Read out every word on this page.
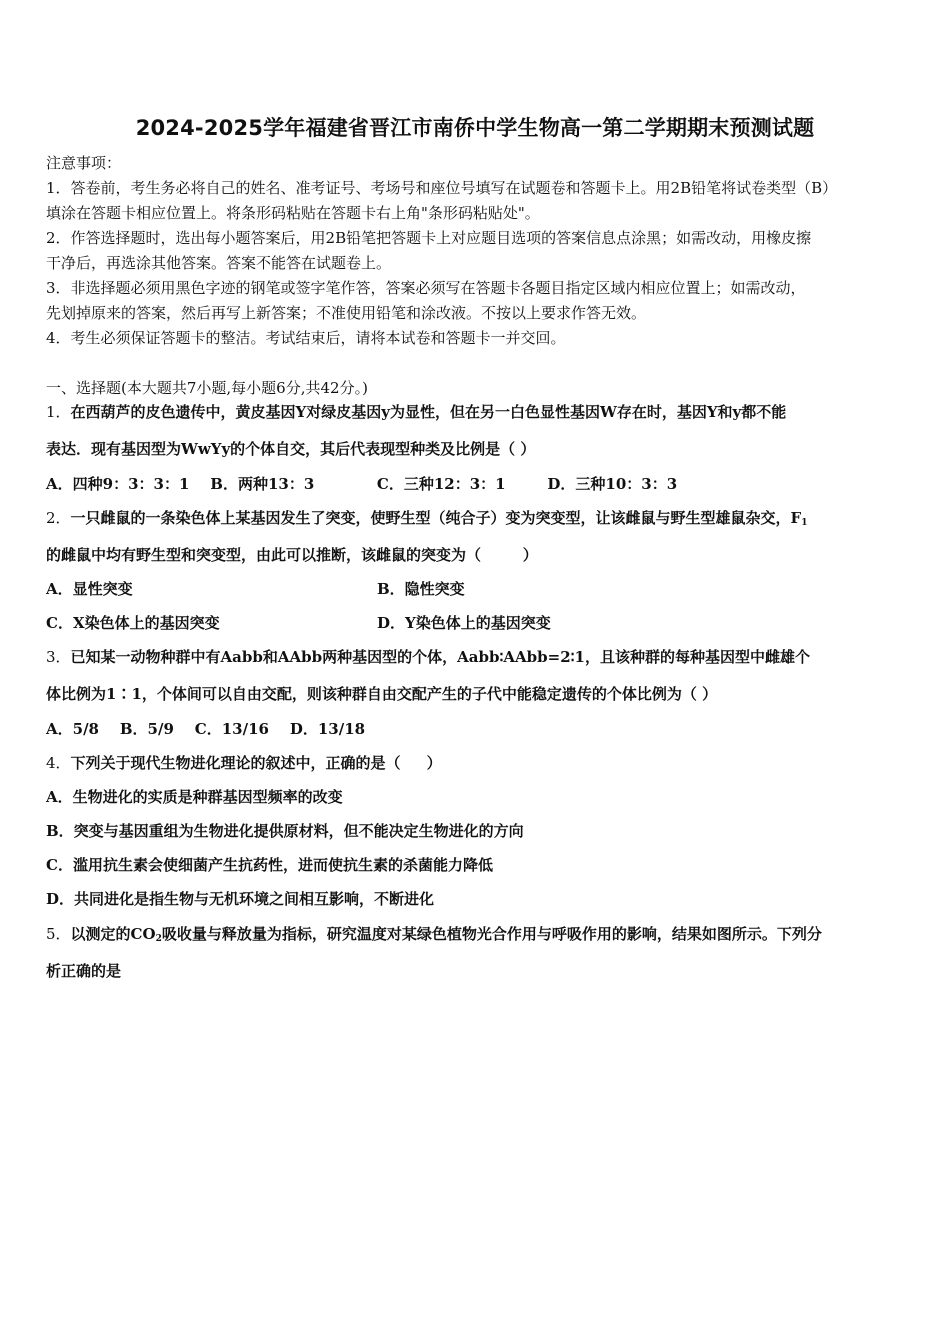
2024-2025学年福建省晋江市南侨中学生物高一第二学期期末预测试题
注意事项：
1．答卷前，考生务必将自己的姓名、准考证号、考场号和座位号填写在试题卷和答题卡上。用2B铅笔将试卷类型（B）
填涂在答题卡相应位置上。将条形码粘贴在答题卡右上角"条形码粘贴处"。
2．作答选择题时，选出每小题答案后，用2B铅笔把答题卡上对应题目选项的答案信息点涂黑；如需改动，用橡皮擦
干净后，再选涂其他答案。答案不能答在试题卷上。
3．非选择题必须用黑色字迹的钢笔或签字笔作答，答案必须写在答题卡各题目指定区域内相应位置上；如需改动，
先划掉原来的答案，然后再写上新答案；不准使用铅笔和涂改液。不按以上要求作答无效。
4．考生必须保证答题卡的整洁。考试结束后，请将本试卷和答题卡一并交回。
一、选择题(本大题共7小题,每小题6分,共42分。)
1．在西葫芦的皮色遗传中，黄皮基因Y对绿皮基因y为显性，但在另一白色显性基因W存在时，基因Y和y都不能
表达．现有基因型为WwYy的个体自交，其后代表现型种类及比例是（ ）
A．四种9：3：3：1    B．两种13：3            C．三种12：3：1        D．三种10：3：3
2．一只雌鼠的一条染色体上某基因发生了突变，使野生型（纯合子）变为突变型，让该雌鼠与野生型雄鼠杂交，$F_1$
的雌鼠中均有野生型和突变型，由此可以推断，该雌鼠的突变为（        ）
A．显性突变	B．隐性突变
C．X染色体上的基因突变	D．Y染色体上的基因突变
3．已知某一动物种群中有Aabb和AAbb两种基因型的个体，Aabb∶AAbb=2∶1，且该种群的每种基因型中雌雄个
体比例为1∶1，个体间可以自由交配，则该种群自由交配产生的子代中能稳定遗传的个体比例为（ ）
A．5/8    B．5/9    C．13/16    D．13/18
4．下列关于现代生物进化理论的叙述中，正确的是（     ）
A．生物进化的实质是种群基因型频率的改变
B．突变与基因重组为生物进化提供原材料，但不能决定生物进化的方向
C．滥用抗生素会使细菌产生抗药性，进而使抗生素的杀菌能力降低
D．共同进化是指生物与无机环境之间相互影响，不断进化
5．以测定的$CO_2$吸收量与释放量为指标，研究温度对某绿色植物光合作用与呼吸作用的影响，结果如图所示。下列分
析正确的是
